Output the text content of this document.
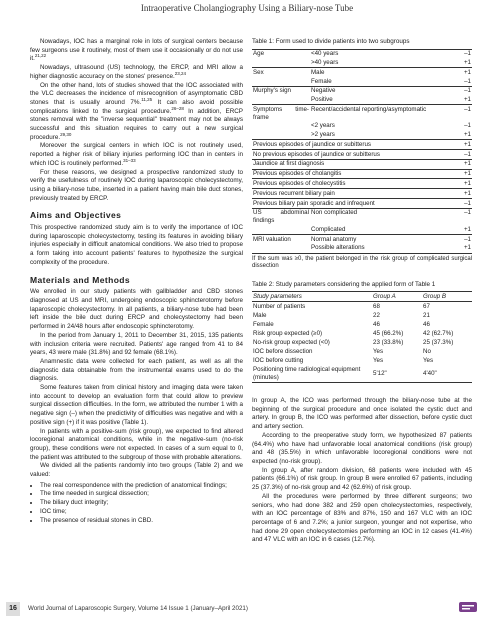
Intraoperative Cholangiography Using a Biliary-nose Tube

Nowadays, IOC has a marginal role in lots of surgical centers because few surgeons use it routinely, most of them use it occasionally or do not use it.$^{21,22}$

Nowadays, ultrasound (US) technology, the ERCP, and MRI allow a higher diagnostic accuracy on the stones' presence.$^{23,24}$

On the other hand, lots of studies showed that the IOC associated with the VLC decreases the incidence of misrecognition of asymptomatic CBD stones that is usually around 7%.$^{11,25}$ It can also avoid possible complications linked to the surgical procedure.$^{26-28}$ In addition, ERCP stones removal with the "inverse sequential" treatment may not be always successful and this situation requires to carry out a new surgical procedure.$^{29,30}$

Moreover the surgical centers in which IOC is not routinely used, reported a higher risk of biliary injuries performing IOC than in centers in which IOC is routinely performed.$^{31-33}$

For these reasons, we designed a prospective randomized study to verify the usefulness of routinely IOC during laparoscopic cholecystectomy, using a biliary-nose tube, inserted in a patient having main bile duct stones, previously treated by ERCP.

Aims and Objectives

This prospective randomized study aim is to verify the importance of IOC during laparoscopic cholecystectomy, testing its features in avoiding biliary injuries especially in difficult anatomical conditions. We also tried to propose a form taking into account patients' features to hypothesize the surgical complexity of the procedure.

Materials and Methods

We enrolled in our study patients with gallbladder and CBD stones diagnosed at US and MRI, undergoing endoscopic sphincterotomy before laparoscopic cholecystectomy. In all patients, a biliary-nose tube had been left inside the bile duct during ERCP and cholecystectomy had been performed in 24/48 hours after endoscopic sphincterotomy.

In the period from January 1, 2011 to December 31, 2015, 135 patients with inclusion criteria were recruited. Patients' age ranged from 41 to 84 years, 43 were male (31.8%) and 92 female (68.1%).

Anamnestic data were collected for each patient, as well as all the diagnostic data obtainable from the instrumental exams used to do the diagnosis.

Some features taken from clinical history and imaging data were taken into account to develop an evaluation form that could allow to preview surgical dissection difficulties. In the form, we attributed the number 1 with a negative sign (–) when the predictivity of difficulties was negative and with a positive sign (+) if it was positive (Table 1).

In patients with a positive-sum (risk group), we expected to find altered locoregional anatomical conditions, while in the negative-sum (no-risk group), these conditions were not expected. In cases of a sum equal to 0, the patient was attributed to the subgroup of those with probable alterations.

We divided all the patients randomly into two groups (Table 2) and we valued:

• The real correspondence with the prediction of anatomical findings;
• The time needed in surgical dissection;
• The biliary duct integrity;
• IOC time;
• The presence of residual stones in CBD.
Table 1: Form used to divide patients into two subgroups
Age	<40 years	–1
	>40 years	+1
Sex	Male	+1
	Female	–1
Murphy's sign	Negative	–1
	Positive	+1
Symptoms time-frame	Recent/accidental reporting/asymptomatic	–1
	<2 years	–1
	>2 years	+1
Previous episodes of jaundice or subitterus		+1
No previous episodes of jaundice or subitterus		–1
Jaundice at first diagnosis		+1
Previous episodes of cholangitis		+1
Previous episodes of cholecystitis		+1
Previous recurrent biliary pain		+1
Previous biliary pain sporadic and infrequent		–1
US abdominal findings	Non complicated	–1
	Complicated	+1
MRI valuation	Normal anatomy	–1
	Possible alterations	+1
If the sum was ≥0, the patient belonged in the risk group of complicated surgical dissection
Table 2: Study parameters considering the applied form of Table 1
Study parameters	Group A	Group B
Number of patients	68	67
Male	22	21
Female	46	46
Risk group expected (≥0)	45 (66.2%)	42 (62.7%)
No-risk group expected (<0)	23 (33.8%)	25 (37.3%)
IOC before dissection	Yes	No
IOC before cutting	Yes	Yes
Positioning time radiological equipment (minutes)	5'12"	4'40"

In group A, the ICO was performed through the biliary-nose tube at the beginning of the surgical procedure and once isolated the cystic duct and artery. In group B, the ICO was performed after dissection, before cystic duct and artery section.

According to the preoperative study form, we hypothesized 87 patients (64.4%) who have had unfavorable local anatomical conditions (risk group) and 48 (35.5%) in which unfavorable locoregional conditions were not expected (no-risk group).

In group A, after random division, 68 patients were included with 45 patients (66.1%) of risk group. In group B were enrolled 67 patients, including 25 (37.3%) of no-risk group and 42 (62.6%) of risk group.

All the procedures were performed by three different surgeons; two seniors, who had done 382 and 259 open cholecystectomies, respectively, with an IOC percentage of 83% and 87%, 150 and 167 VLC with an IOC percentage of 6 and 7.2%; a junior surgeon, younger and not expertise, who had done 29 open cholecystectomies performing an IOC in 12 cases (41.4%) and 47 VLC with an IOC in 6 cases (12.7%).

16	World Journal of Laparoscopic Surgery, Volume 14 Issue 1 (January–April 2021)
